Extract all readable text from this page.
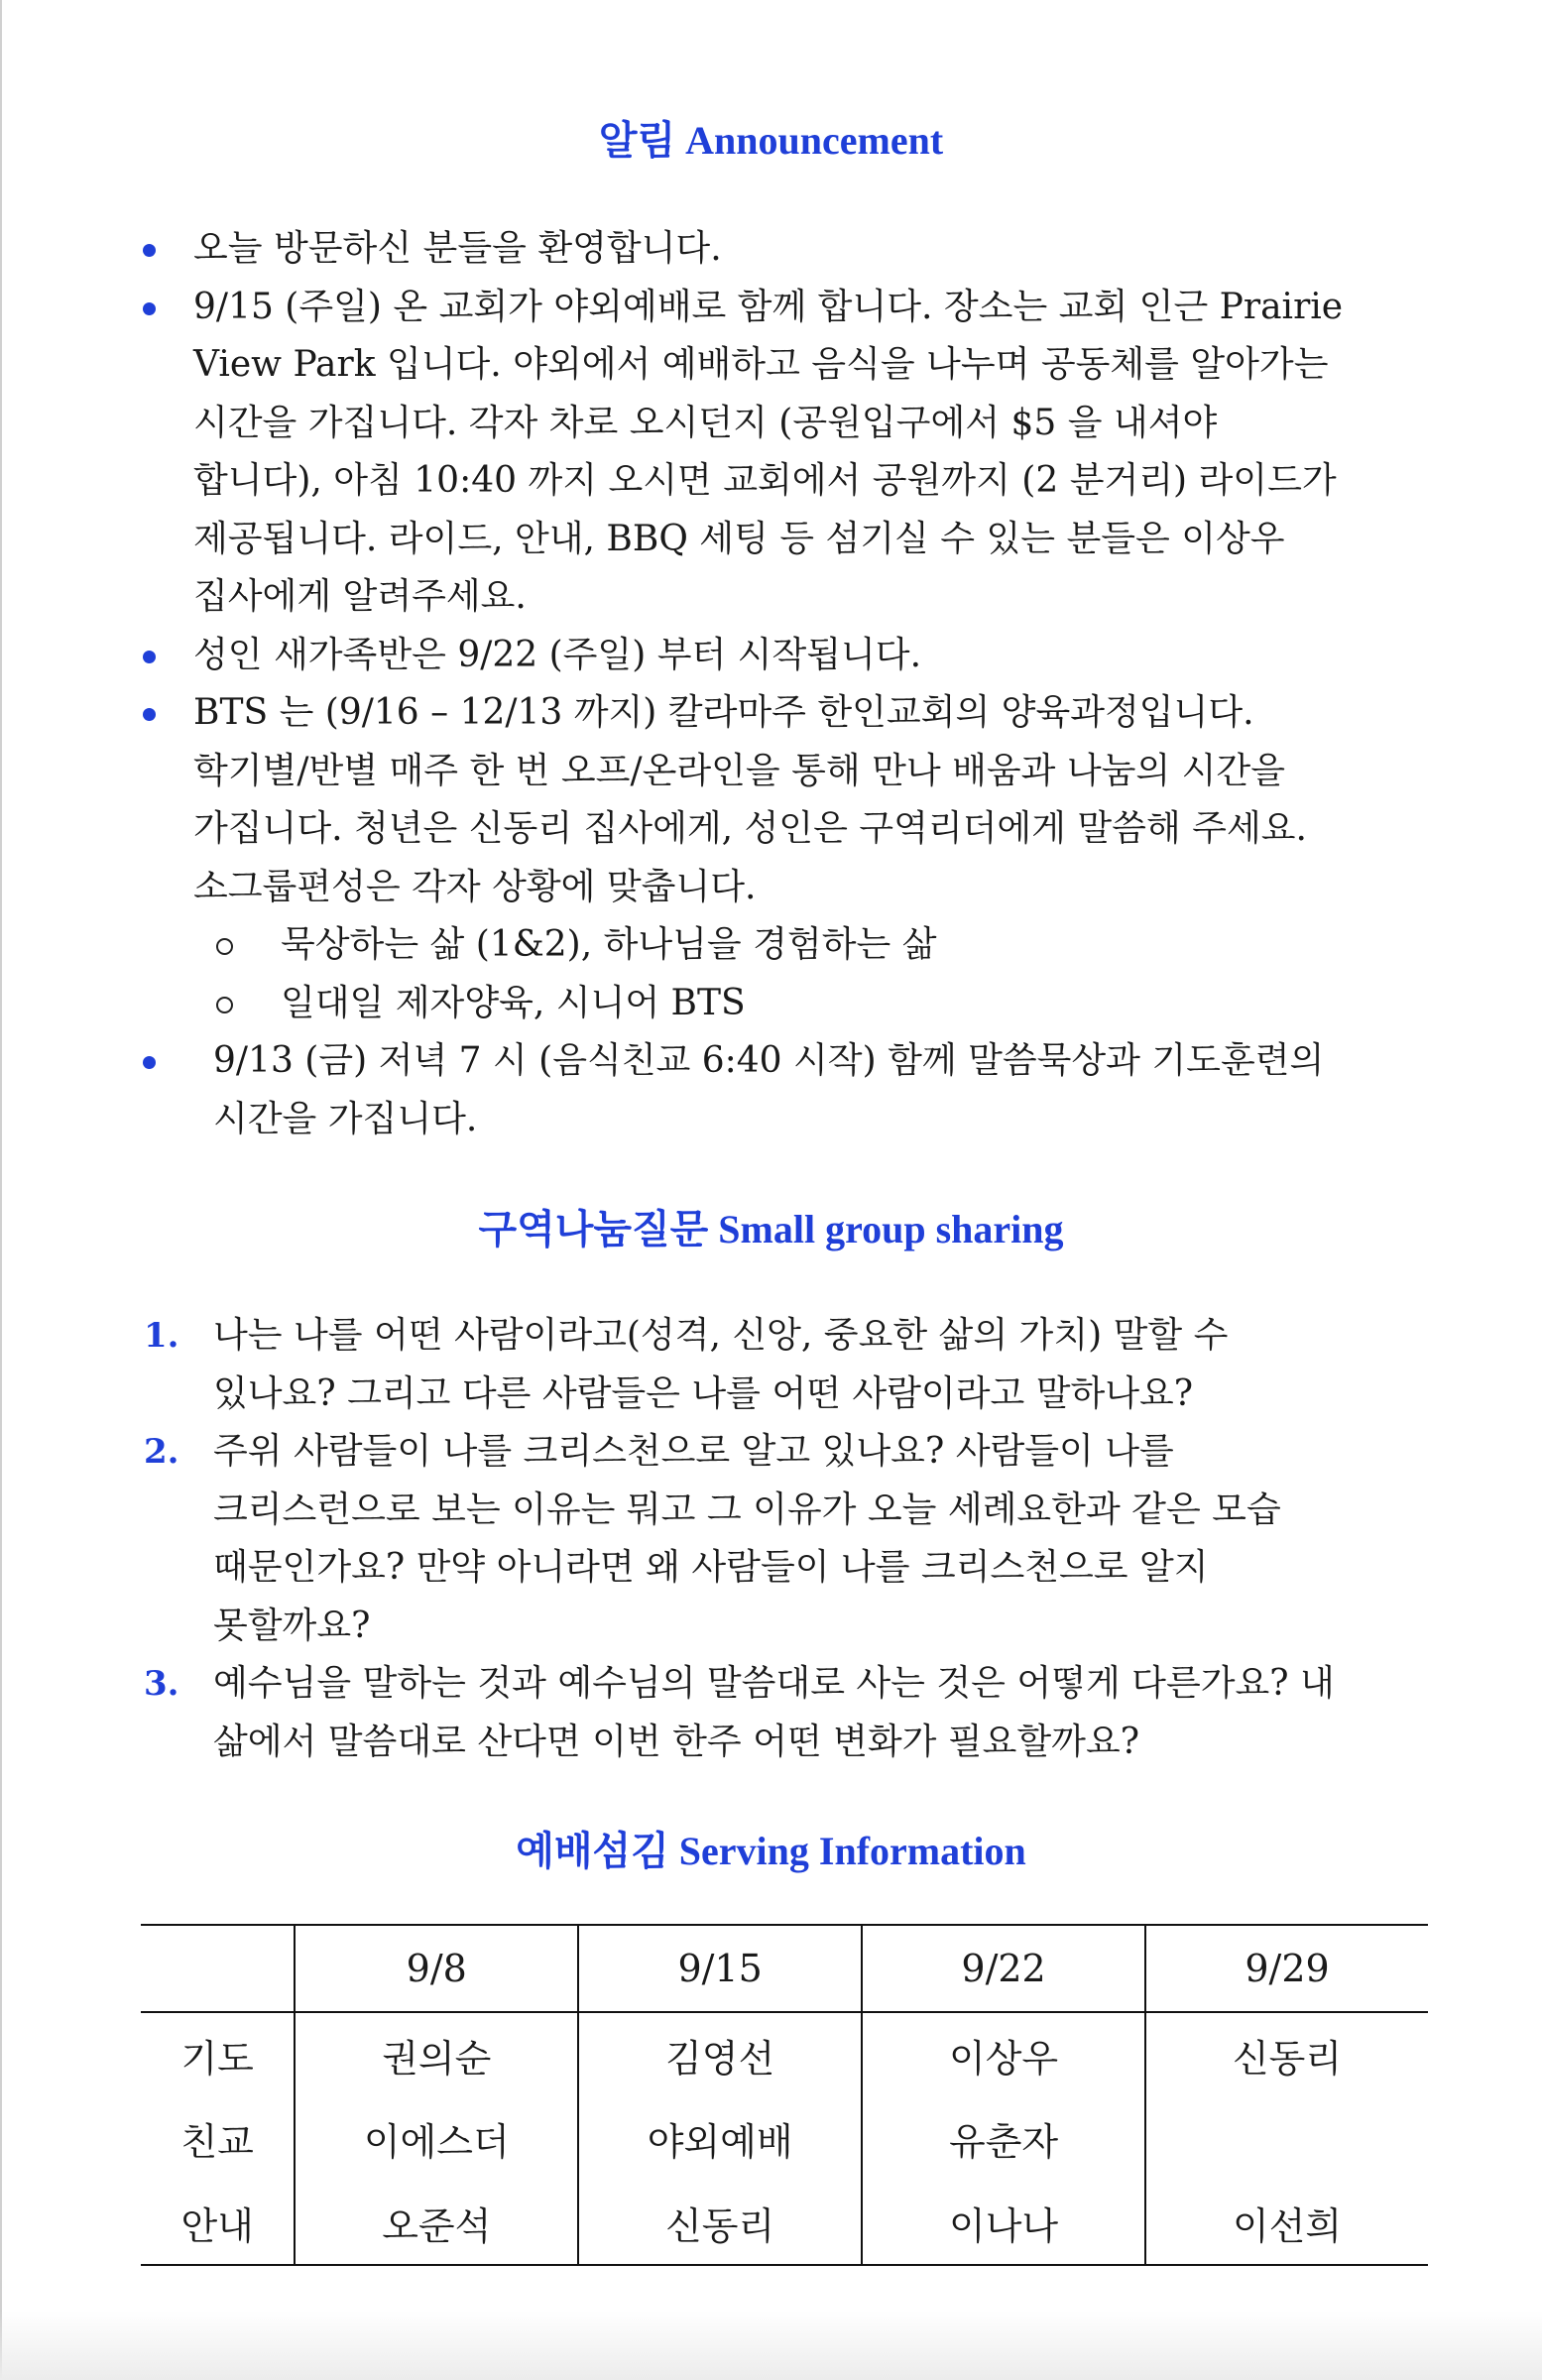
알림 Announcement
오늘 방문하신 분들을 환영합니다.
9/15 (주일) 온 교회가 야외예배로 함께 합니다. 장소는 교회 인근 Prairie
View Park 입니다. 야외에서 예배하고 음식을 나누며 공동체를 알아가는
시간을 가집니다. 각자 차로 오시던지 (공원입구에서 $5 을 내셔야
합니다), 아침 10:40 까지 오시면 교회에서 공원까지 (2 분거리) 라이드가
제공됩니다. 라이드, 안내, BBQ 세팅 등 섬기실 수 있는 분들은 이상우
집사에게 알려주세요.
성인 새가족반은 9/22 (주일) 부터 시작됩니다.
BTS 는 (9/16 – 12/13 까지) 칼라마주 한인교회의 양육과정입니다.
학기별/반별 매주 한 번 오프/온라인을 통해 만나 배움과 나눔의 시간을
가집니다. 청년은 신동리 집사에게, 성인은 구역리더에게 말씀해 주세요.
소그룹편성은 각자 상황에 맞춥니다.
묵상하는 삶 (1&2), 하나님을 경험하는 삶
일대일 제자양육, 시니어 BTS
9/13 (금) 저녁 7 시 (음식친교 6:40 시작) 함께 말씀묵상과 기도훈련의
시간을 가집니다.
구역나눔질문 Small group sharing
1. 나는 나를 어떤 사람이라고(성격, 신앙, 중요한 삶의 가치) 말할 수
있나요? 그리고 다른 사람들은 나를 어떤 사람이라고 말하나요?
2. 주위 사람들이 나를 크리스천으로 알고 있나요? 사람들이 나를
크리스런으로 보는 이유는 뭐고 그 이유가 오늘 세례요한과 같은 모습
때문인가요? 만약 아니라면 왜 사람들이 나를 크리스천으로 알지
못할까요?
3. 예수님을 말하는 것과 예수님의 말씀대로 사는 것은 어떻게 다른가요? 내
삶에서 말씀대로 산다면 이번 한주 어떤 변화가 필요할까요?
예배섬김 Serving Information
	9/8	9/15	9/22	9/29
기도	권의순	김영선	이상우	신동리
친교	이에스더	야외예배	유춘자	
안내	오준석	신동리	이나나	이선희
